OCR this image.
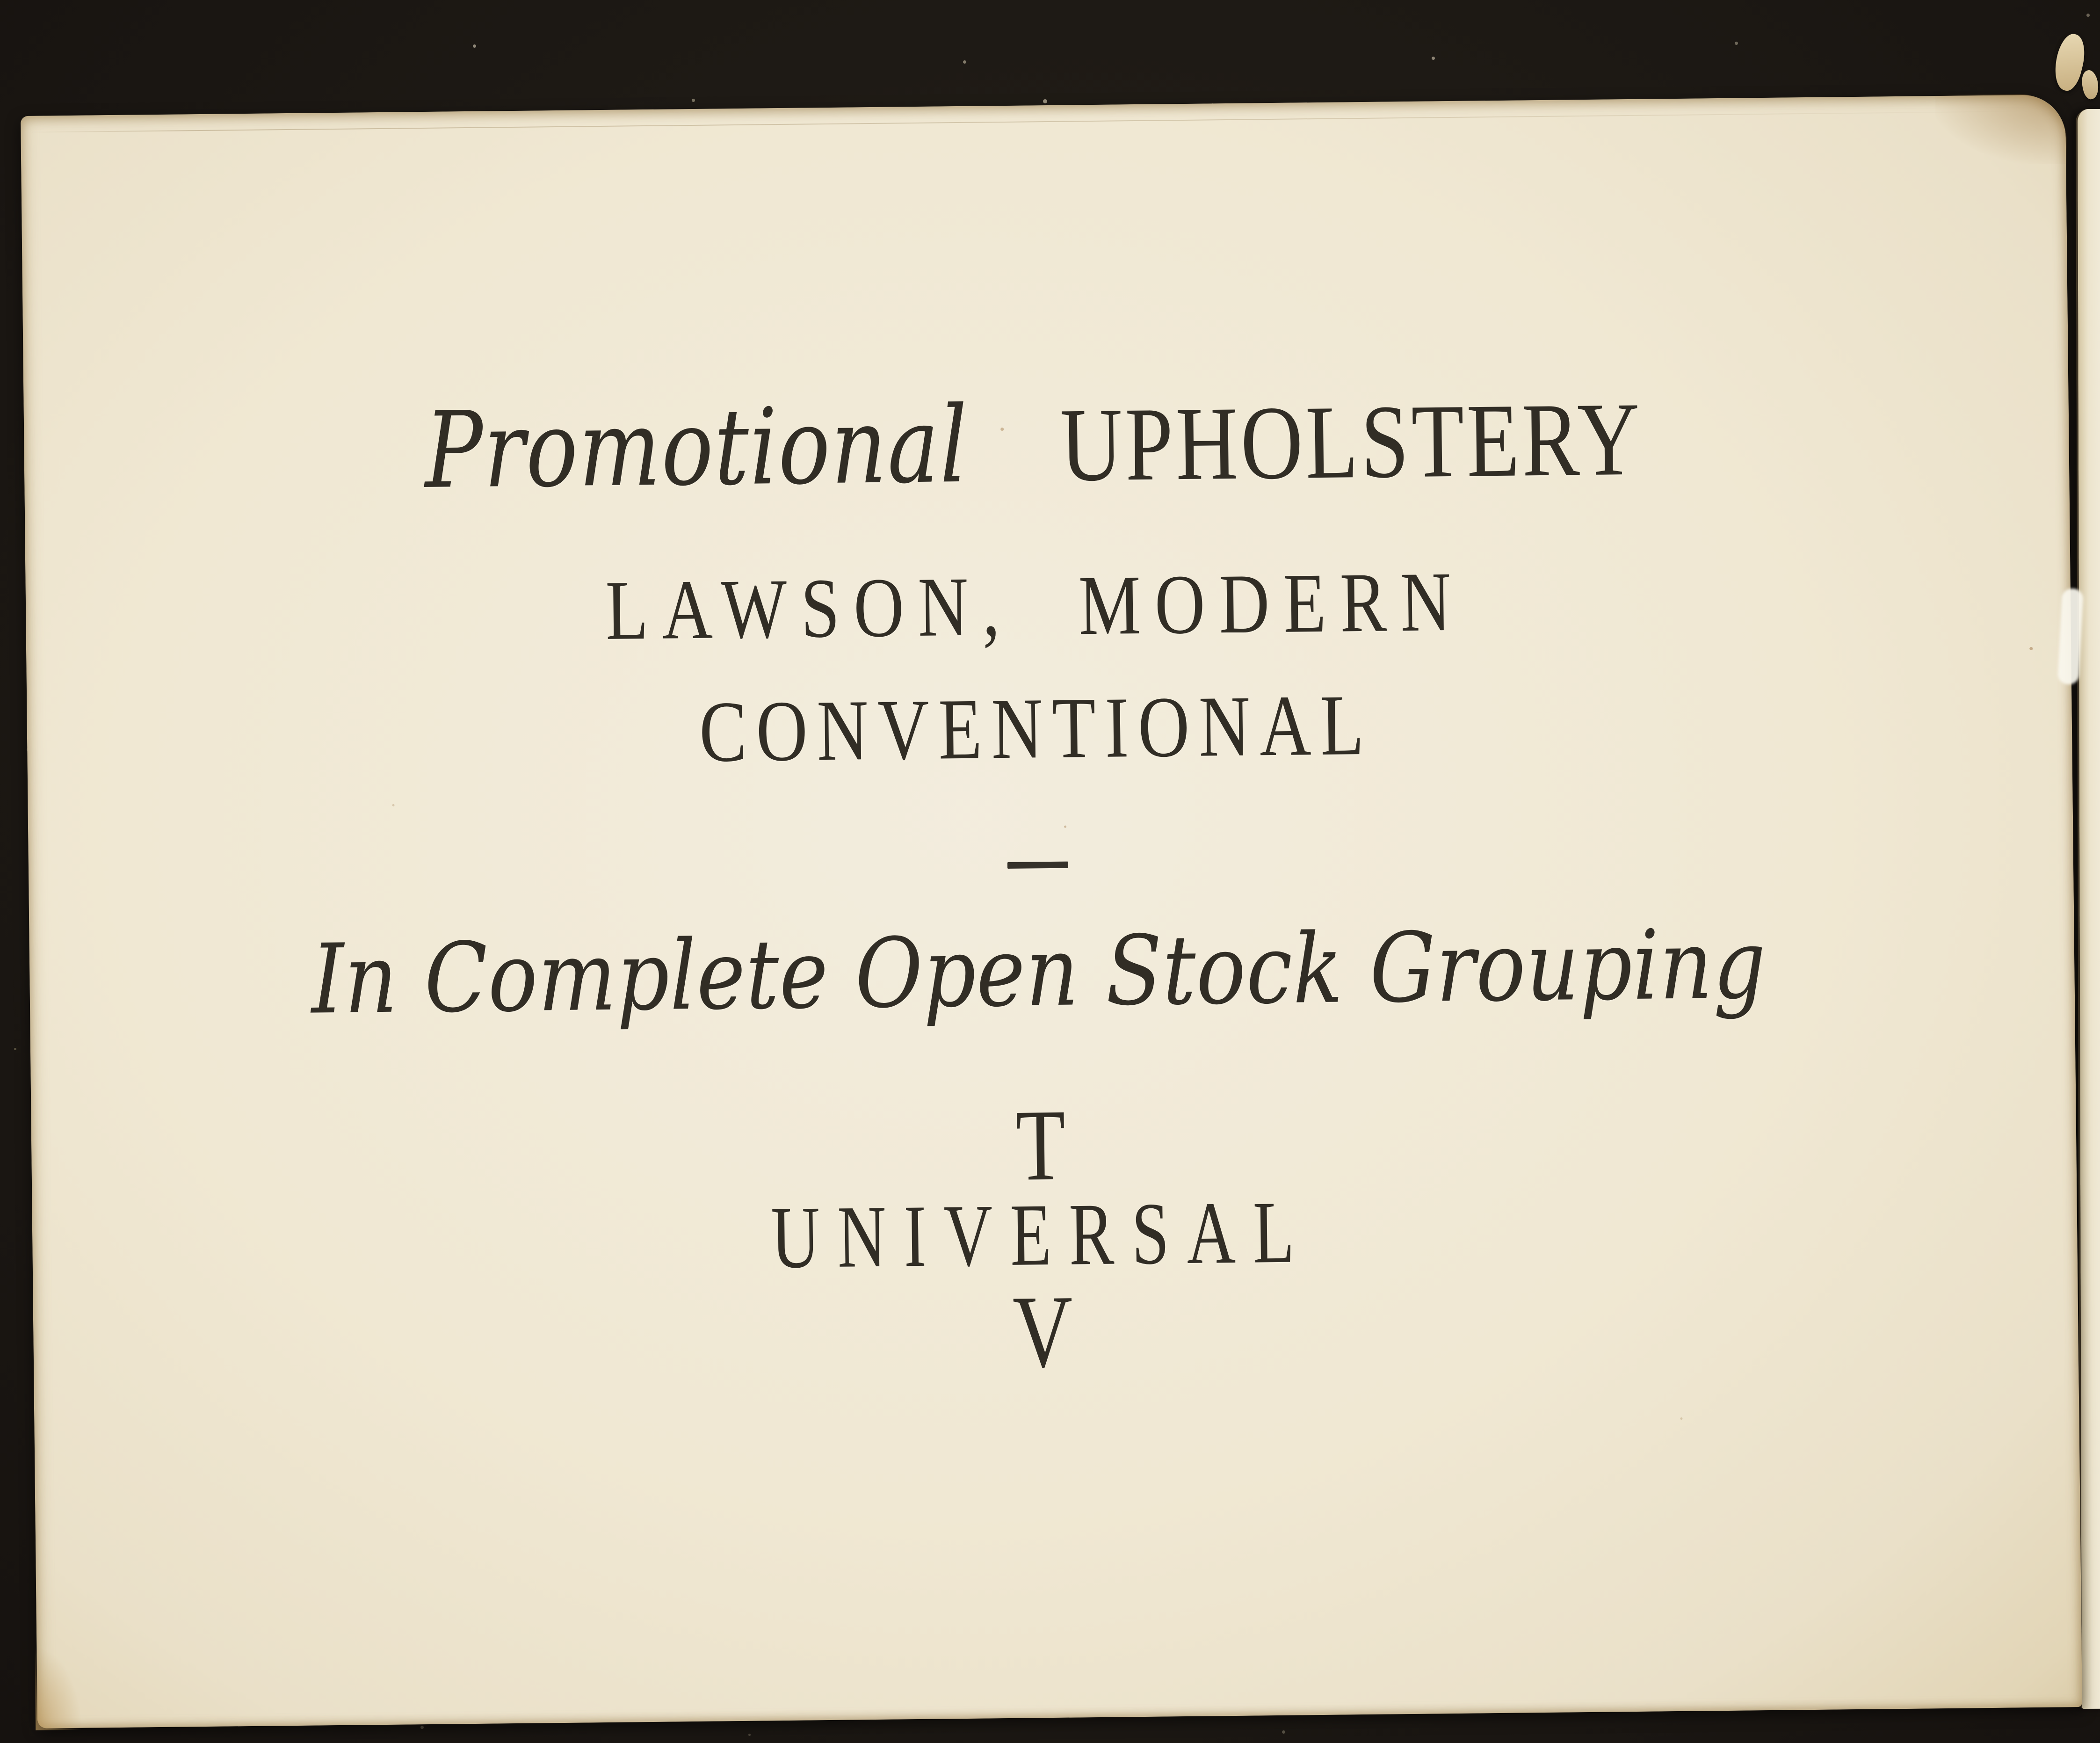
Promotional UPHOLSTERY
LAWSON, MODERN
CONVENTIONAL
In Complete Open Stock Grouping
T
UNIVERSAL
V
